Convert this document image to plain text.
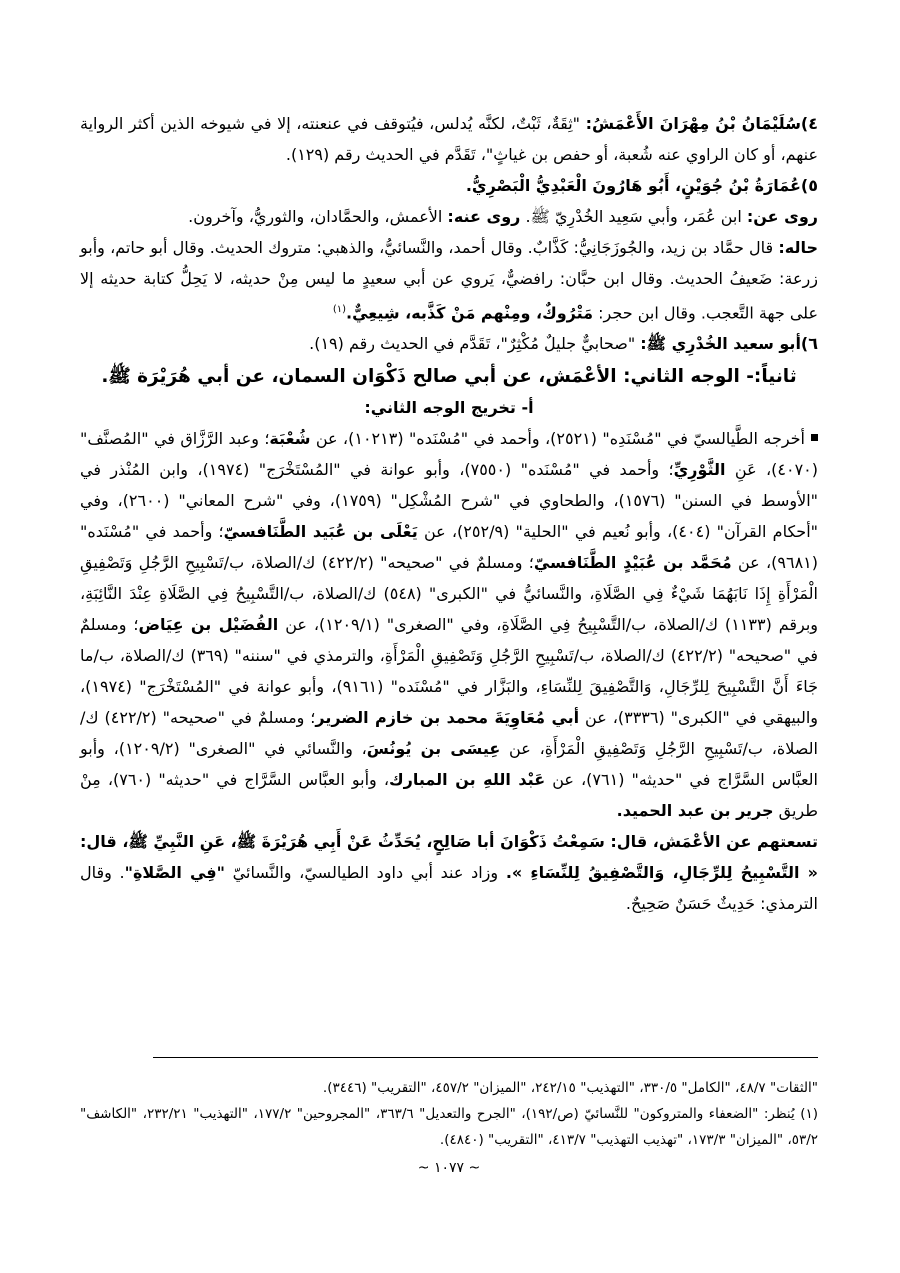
٤)سُلَيْمَانُ بْنُ مِهْرَانَ الأَعْمَشُ: "ثِقَةٌ، ثَبْتٌ، لكنَّه يُدلس، فيُتوقف في عنعنته، إلا في شيوخه الذين أكثر الرواية عنهم، أو كان الراوي عنه شُعبة، أو حفص بن غياثٍ"، تَقَدَّم في الحديث رقم (١٢٩).

٥)عُمَارَةُ بْنُ جُوَيْنٍ، أَبُو هَارُونَ الْعَبْدِيُّ الْبَصْرِيُّ.

روى عن: ابن عُمَر، وأبي سَعِيد الخُدْرِيّ ﷺ. روى عنه: الأعمش، والحمَّادان، والثوريُّ، وآخرون.

حاله: قال حمَّاد بن زيد، والجُوزَجَانِيُّ: كَذَّابٌ. وقال أحمد، والنَّسائيُّ، والذهبي: متروك الحديث. وقال أبو حاتم، وأبو زرعة: ضَعيفُ الحديث. وقال ابن حبَّان: رافضيٌّ، يَروي عن أبي سعيدٍ ما ليس مِنْ حديثه، لا يَحِلُّ كتابة حديثه إلا على جهة التَّعجب. وقال ابن حجر: مَتْرُوكٌ، ومِنْهم مَنْ كَذَّبه، شِيعِيٌّ.$^{(١)}$

٦)أبو سعيد الخُدْرِي ﷺ: "صحابيٌّ جليلٌ مُكْثِرٌ"، تَقَدَّم في الحديث رقم (١٩).

ثانياً:- الوجه الثاني: الأعْمَش، عن أبي صالح ذَكْوَان السمان، عن أبي هُرَيْرَة ﷺ.

أ- تخريج الوجه الثاني:

أخرجه الطَّيالسيّ في "مُسْنَدِه" (٢٥٢١)، وأحمد في "مُسْنَده" (١٠٢١٣)، عن شُعْبَة؛ وعبد الرَّزَّاق في "المُصنَّف" (٤٠٧٠)، عَنِ الثَّوْرِيِّ؛ وأحمد في "مُسْنَده" (٧٥٥٠)، وأبو عوانة في "المُسْتَخْرَج" (١٩٧٤)، وابن المُنْذر في "الأوسط في السنن" (١٥٧٦)، والطحاوي في "شرح المُشْكِل" (١٧٥٩)، وفي "شرح المعاني" (٢٦٠٠)، وفي "أحكام القرآن" (٤٠٤)، وأبو نُعيم في "الحلية" (٢٥٢/٩)، عن يَعْلَى بن عُبَيد الطَّنَافسيّ؛ وأحمد في "مُسْنَده" (٩٦٨١)، عن مُحَمَّد بن عُبَيْدٍ الطَّنَافسيّ؛ ومسلمٌ في "صحيحه" (٤٢٢/٢) ك/الصلاة، ب/تَسْبِيحِ الرَّجُلِ وَتَصْفِيقِ الْمَرْأَةِ إِذَا نَابَهُمَا شَيْءٌ فِي الصَّلَاةِ، والنَّسائيُّ في "الكبرى" (٥٤٨) ك/الصلاة، ب/التَّسْبِيحُ فِي الصَّلَاةِ عِنْدَ النَّائِبَةِ، وبرقم (١١٣٣) ك/الصلاة، ب/التَّسْبِيحُ فِي الصَّلَاةِ، وفي "الصغرى" (١٢٠٩/١)، عن الفُضَيْل بن عِيَاض؛ ومسلمٌ في "صحيحه" (٤٢٢/٢) ك/الصلاة، ب/تَسْبِيحِ الرَّجُلِ وَتَصْفِيقِ الْمَرْأَةِ، والترمذي في "سننه" (٣٦٩) ك/الصلاة، ب/ما جَاءَ أَنَّ التَّسْبِيحَ لِلرِّجَالِ، وَالتَّصْفِيقَ لِلنِّسَاءِ، والبَزَّار في "مُسْنَده" (٩١٦١)، وأبو عوانة في "المُسْتَخْرَج" (١٩٧٤)، والبيهقي في "الكبرى" (٣٣٣٦)، عن أبي مُعَاوِيَةَ محمد بن خازم الضرير؛ ومسلمٌ في "صحيحه" (٤٢٢/٢) ك/الصلاة، ب/تَسْبِيحِ الرَّجُلِ وَتَصْفِيقِ الْمَرْأَةِ، عن عِيسَى بن يُونُسَ، والنَّسائي في "الصغرى" (١٢٠٩/٢)، وأبو العبَّاس السَّرَّاج في "حديثه" (٧٦١)، عن عَبْد اللهِ بن المبارك، وأبو العبَّاس السَّرَّاج في "حديثه" (٧٦٠)، مِنْ طريق جرير بن عبد الحميد.

تسعتهم عن الأعْمَش، قال: سَمِعْتُ ذَكْوَانَ أبا صَالِحٍ، يُحَدِّثُ عَنْ أَبِي هُرَيْرَةَ ﷺ، عَنِ النَّبِيِّ ﷺ، قال: « التَّسْبِيحُ لِلرِّجَالِ، وَالتَّصْفِيقُ لِلنِّسَاءِ ». وزاد عند أبي داود الطيالسيّ، والنَّسائيّ "فِي الصَّلاةِ". وقال الترمذي: حَدِيثٌ حَسَنٌ صَحِيحٌ.

"الثقات" ٤٨/٧، "الكامل" ٣٣٠/٥، "التهذيب" ٢٤٢/١٥، "الميزان" ٤٥٧/٢، "التقريب" (٣٤٤٦).

(١) يُنظر: "الضعفاء والمتروكون" للنَّسائيّ (ص/١٩٢)، "الجرح والتعديل" ٣٦٣/٦، "المجروحين" ١٧٧/٢، "التهذيب" ٢٣٢/٢١، "الكاشف" ٥٣/٢، "الميزان" ١٧٣/٣، "تهذيب التهذيب" ٤١٣/٧، "التقريب" (٤٨٤٠).

~ ١٠٧٧ ~
